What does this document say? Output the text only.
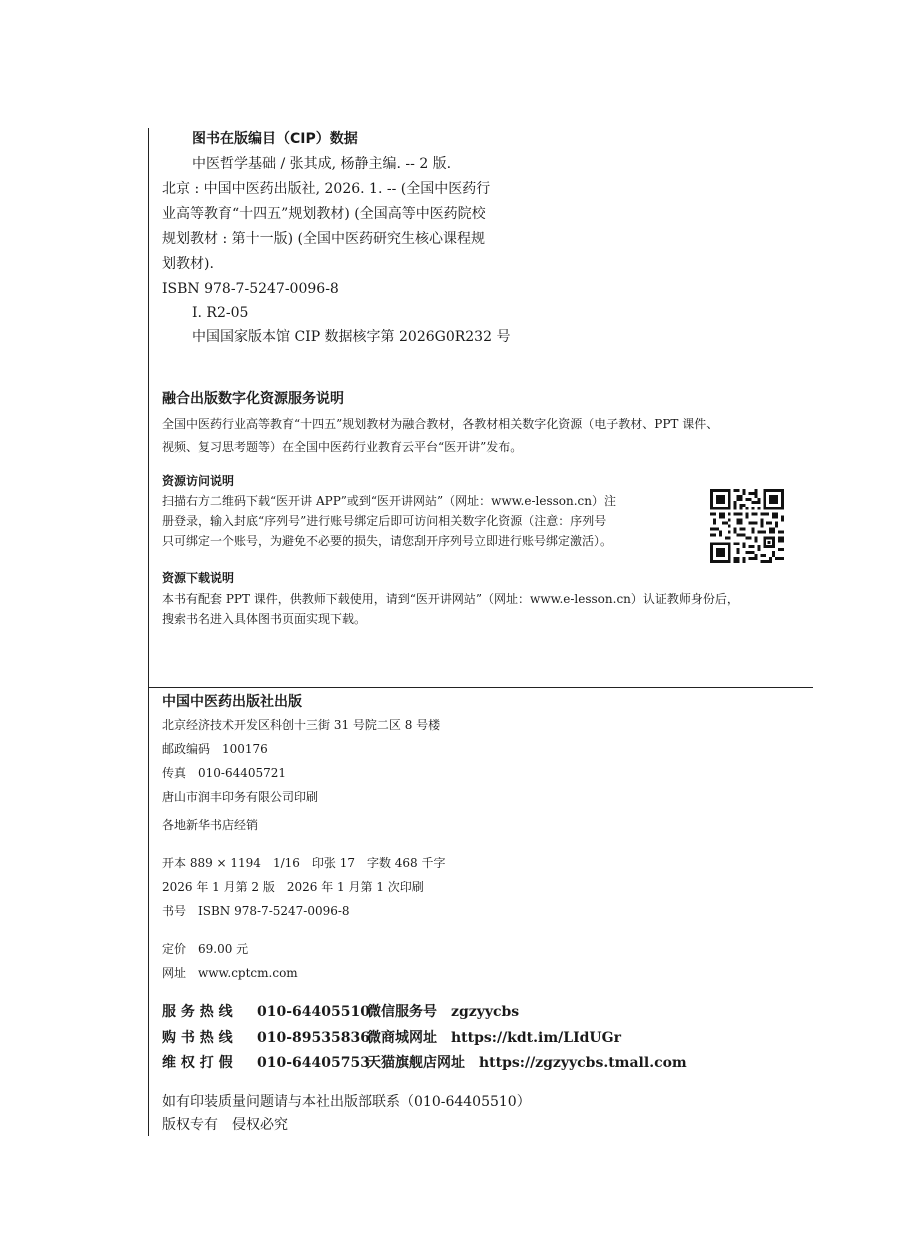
图书在版编目（CIP）数据
中医哲学基础 / 张其成, 杨静主编. -- 2 版.
北京 : 中国中医药出版社, 2026. 1. -- (全国中医药行
业高等教育“十四五”规划教材) (全国高等中医药院校
规划教材 : 第十一版) (全国中医药研究生核心课程规
划教材).
ISBN 978-7-5247-0096-8
Ⅰ. R2-05
中国国家版本馆 CIP 数据核字第 2026G0R232 号
融合出版数字化资源服务说明
全国中医药行业高等教育“十四五”规划教材为融合教材，各教材相关数字化资源（电子教材、PPT 课件、
视频、复习思考题等）在全国中医药行业教育云平台“医开讲”发布。
资源访问说明
扫描右方二维码下载“医开讲 APP”或到“医开讲网站”（网址：www.e-lesson.cn）注
册登录，输入封底“序列号”进行账号绑定后即可访问相关数字化资源（注意：序列号
只可绑定一个账号，为避免不必要的损失，请您刮开序列号立即进行账号绑定激活）。
资源下载说明
本书有配套 PPT 课件，供教师下载使用，请到“医开讲网站”（网址：www.e-lesson.cn）认证教师身份后，
搜索书名进入具体图书页面实现下载。
中国中医药出版社出版
北京经济技术开发区科创十三街 31 号院二区 8 号楼
邮政编码　100176
传真　010-64405721
唐山市润丰印务有限公司印刷
各地新华书店经销
开本 889 × 1194　1/16　印张 17　字数 468 千字
2026 年 1 月第 2 版　2026 年 1 月第 1 次印刷
书号　ISBN 978-7-5247-0096-8
定价　69.00 元
网址　www.cptcm.com
服 务 热 线 010-64405510微信服务号 zgzyycbs
购 书 热 线 010-89535836微商城网址 https://kdt.im/LIdUGr
维 权 打 假 010-64405753天猫旗舰店网址 https://zgzyycbs.tmall.com
如有印装质量问题请与本社出版部联系（010-64405510）
版权专有　侵权必究
